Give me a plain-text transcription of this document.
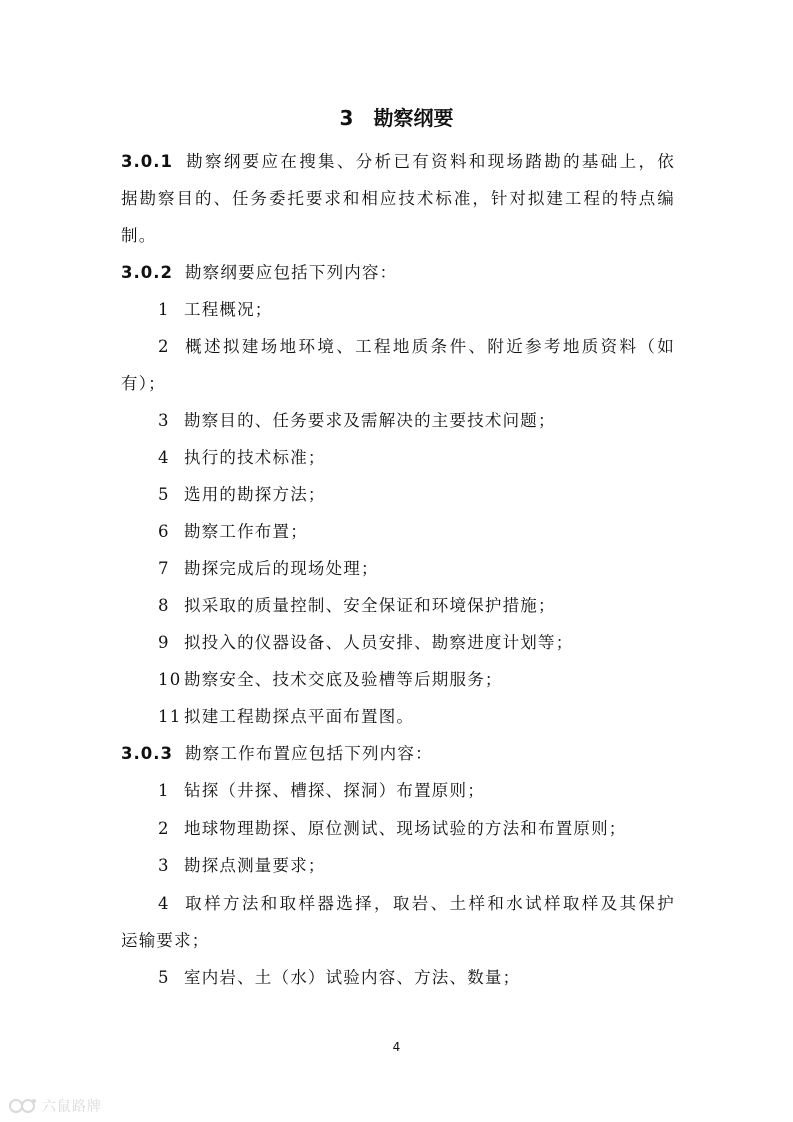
3　勘察纲要
3.0.1 勘察纲要应在搜集、分析已有资料和现场踏勘的基础上，依
据勘察目的、任务委托要求和相应技术标准，针对拟建工程的特点编
制。
3.0.2 勘察纲要应包括下列内容：
1 工程概况；
2 概述拟建场地环境、工程地质条件、附近参考地质资料（如
有）；
3 勘察目的、任务要求及需解决的主要技术问题；
4 执行的技术标准；
5 选用的勘探方法；
6 勘察工作布置；
7 勘探完成后的现场处理；
8 拟采取的质量控制、安全保证和环境保护措施；
9 拟投入的仪器设备、人员安排、勘察进度计划等；
10 勘察安全、技术交底及验槽等后期服务；
11 拟建工程勘探点平面布置图。
3.0.3 勘察工作布置应包括下列内容：
1 钻探（井探、槽探、探洞）布置原则；
2 地球物理勘探、原位测试、现场试验的方法和布置原则；
3 勘探点测量要求；
4 取样方法和取样器选择，取岩、土样和水试样取样及其保护
运输要求；
5 室内岩、土（水）试验内容、方法、数量；
4
六鼠路牌
